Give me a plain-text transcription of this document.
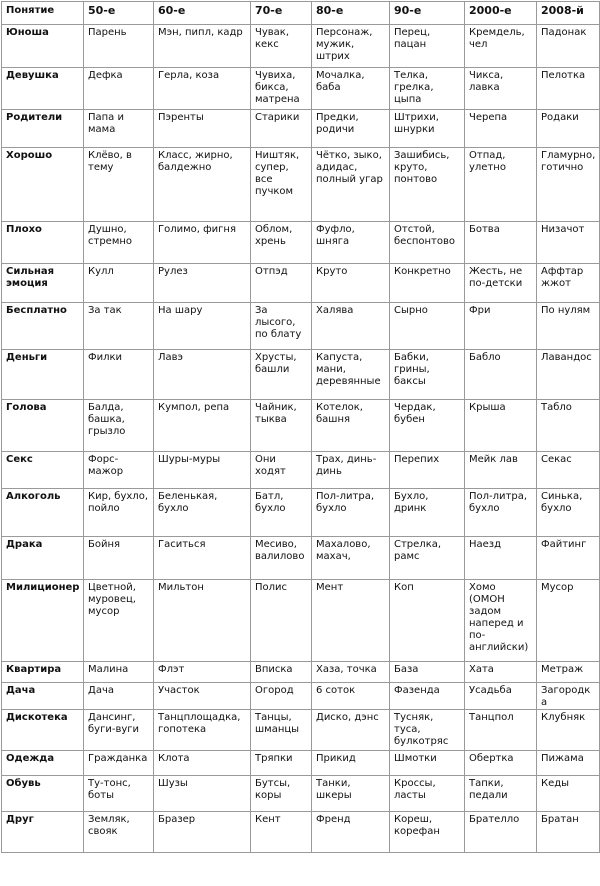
Понятие	50-е	60-е	70-е	80-е	90-е	2000-е	2008-й
Юноша	Парень	Мэн, пипл, кадр	Чувак, кекс	Персонаж, мужик, штрих	Перец, пацан	Кремдель, чел	Падонак
Девушка	Дефка	Герла, коза	Чувиха, бикса, матрена	Мочалка, баба	Телка, грелка, цыпа	Чикса, лавка	Пелотка
Родители	Папа и мама	Пэренты	Старики	Предки, родичи	Штрихи, шнурки	Черепа	Родаки
Хорошо	Клёво, в тему	Класс, жирно, балдежно	Ништяк, супер, все пучком	Чётко, зыко, адидас, полный угар	Зашибись, круто, понтово	Отпад, улетно	Гламурно, готично
Плохо	Душно, стремно	Голимо, фигня	Облом, хрень	Фуфло, шняга	Отстой, беспонтово	Ботва	Низачот
Сильная эмоция	Кулл	Рулез	Отпэд	Круто	Конкретно	Жесть, не по-детски	Аффтар жжот
Бесплатно	За так	На шару	За лысого, по блату	Халява	Сырно	Фри	По нулям
Деньги	Филки	Лавэ	Хрусты, башли	Капуста, мани, деревянные	Бабки, грины, баксы	Бабло	Лавандос
Голова	Балда, башка, грызло	Кумпол, репа	Чайник, тыква	Котелок, башня	Чердак, бубен	Крыша	Табло
Секс	Форс-мажор	Шуры-муры	Они ходят	Трах, динь-динь	Перепих	Мейк лав	Секас
Алкоголь	Кир, бухло, пойло	Беленькая, бухло	Батл, бухло	Пол-литра, бухло	Бухло, дринк	Пол-литра, бухло	Синька, бухло
Драка	Бойня	Гаситься	Месиво, валилово	Махалово, махач,	Стрелка, рамс	Наезд	Файтинг
Милиционер	Цветной, муровец, мусор	Мильтон	Полис	Мент	Коп	Хомо (ОМОН задом наперед и по-английски)	Мусор
Квартира	Малина	Флэт	Вписка	Хаза, точка	База	Хата	Метраж
Дача	Дача	Участок	Огород	6 соток	Фазенда	Усадьба	Загородка
Дискотека	Дансинг, буги-вуги	Танцплощадка, гопотека	Танцы, шманцы	Диско, дэнс	Тусняк, туса, булкотряс	Танцпол	Клубняк
Одежда	Гражданка	Клота	Тряпки	Прикид	Шмотки	Обертка	Пижама
Обувь	Ту-тонс, боты	Шузы	Бутсы, коры	Танки, шкеры	Кроссы, ласты	Тапки, педали	Кеды
Друг	Земляк, свояк	Бразер	Кент	Френд	Кореш, корефан	Брателло	Братан
